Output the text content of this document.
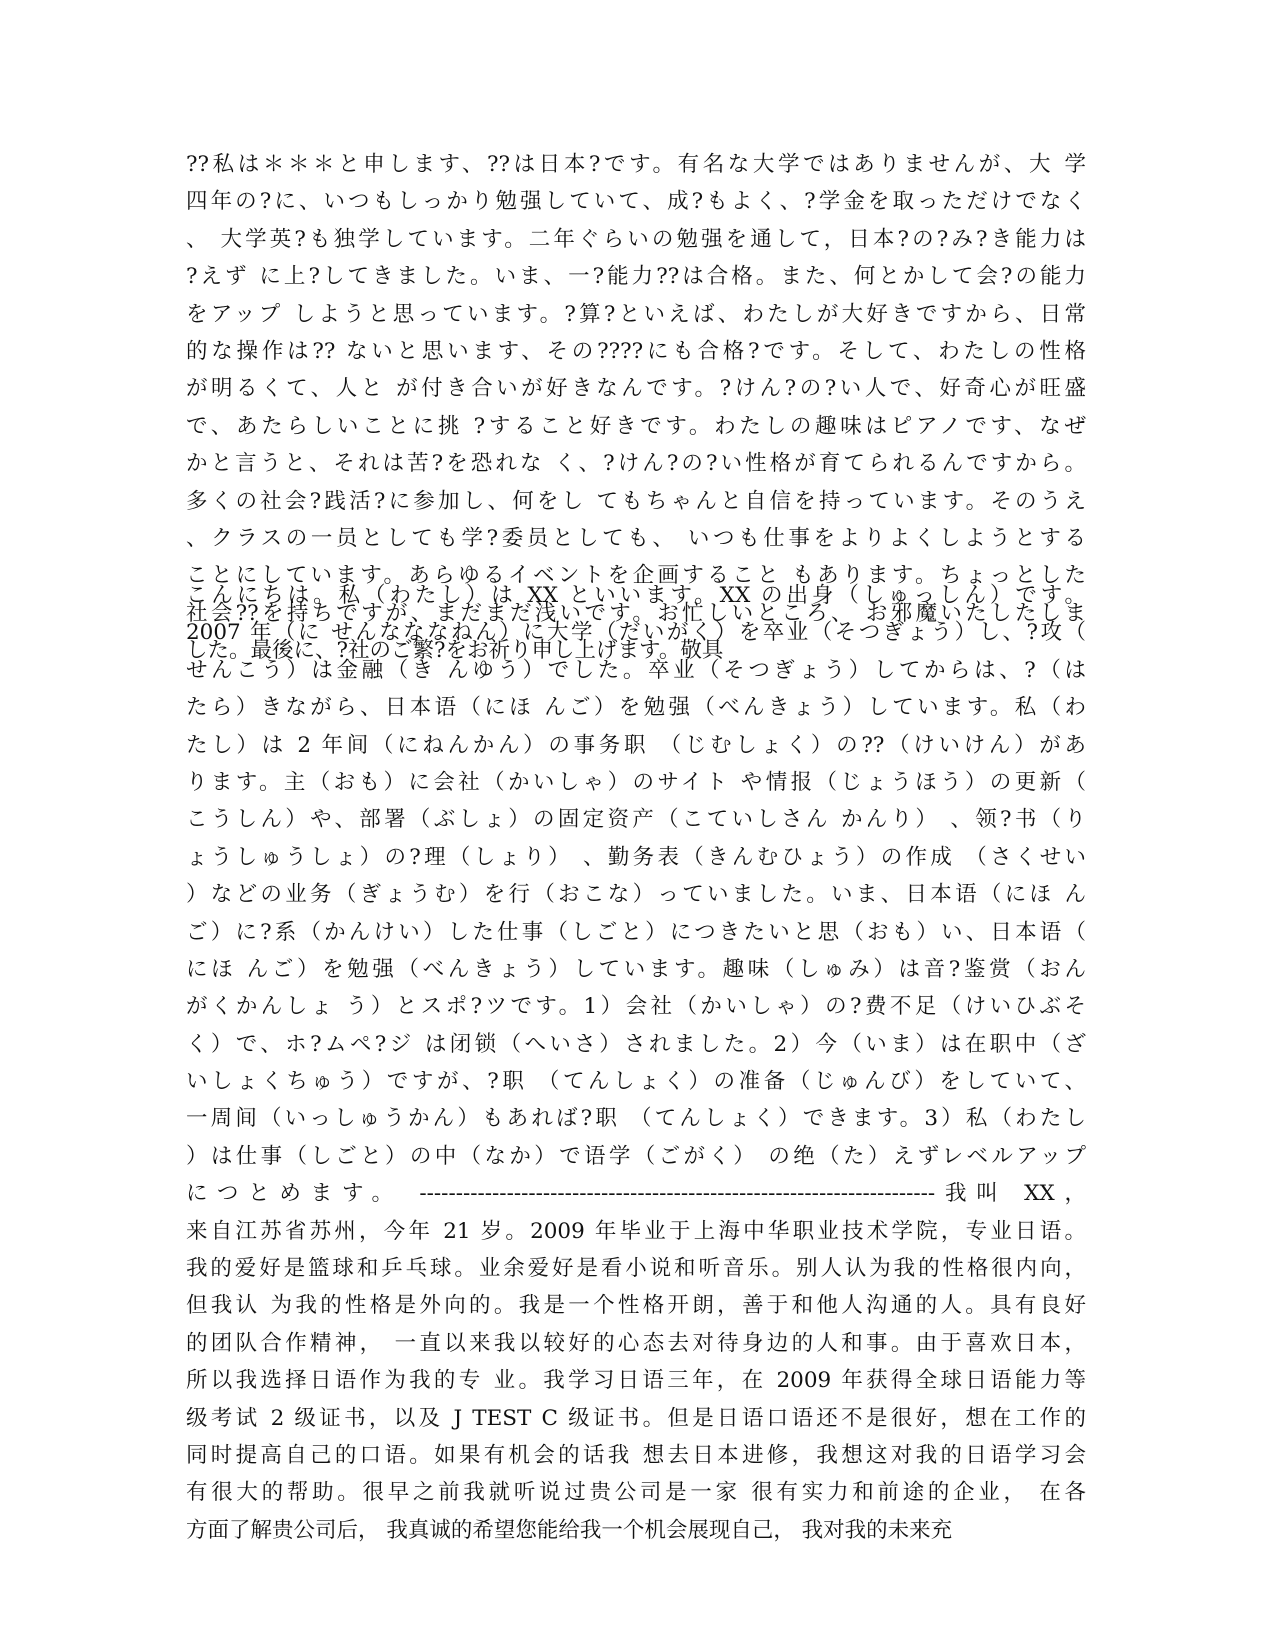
??私は＊＊＊と申します、??は日本?です。有名な大学ではありませんが、大 学
四年の?に、いつもしっかり勉强していて、成?もよく、?学金を取っただけでなく
、 大学英?も独学しています。二年ぐらいの勉强を通して，日本?の?み?き能力は
?えず に上?してきました。いま、一?能力??は合格。また、何とかして会?の能力
をアップ しようと思っています。?算?といえば、わたしが大好きですから、日常
的な操作は?? ないと思います、その????にも合格?です。そして、わたしの性格
が明るくて、人と が付き合いが好きなんです。?けん?の?い人で、好奇心が旺盛
で、あたらしいことに挑 ?すること好きです。わたしの趣味はピアノです、なぜ
かと言うと、それは苦?を恐れな く、?けん?の?い性格が育てられるんですから。
多くの社会?践活?に参加し、何をし てもちゃんと自信を持っています。そのうえ
、クラスの一员としても学?委员としても、 いつも仕事をよりよくしようとする
ことにしています。あらゆるイベントを企画すること もあります。ちょっとした
社会??を持ちですが、まだまだ浅いです。お忙しいところ、 お邪魔いたしたしま
した。最後に、?社のご繁?をお祈り申し上げます。敬具
こんにちは。私（わたし）は XX といいます。XX の出身（しゅっしん）です。
2007 年（に せんなななねん）に大学（だいがく）を卒业（そつぎょう）し、?攻（
せんこう）は金融（き んゆう）でした。卒业（そつぎょう）してからは、?（は
たら）きながら、日本语（にほ んご）を勉强（べんきょう）しています。私（わ
たし）は 2 年间（にねんかん）の事务职 （じむしょく）の??（けいけん）があ
ります。主（おも）に会社（かいしゃ）のサイト や情报（じょうほう）の更新（
こうしん）や、部署（ぶしょ）の固定资产（こていしさん かんり） 、领?书（り
ょうしゅうしょ）の?理（しょり） 、勤务表（きんむひょう）の作成 （さくせい
）などの业务（ぎょうむ）を行（おこな）っていました。いま、日本语（にほ ん
ご）に?系（かんけい）した仕事（しごと）につきたいと思（おも）い、日本语（
にほ んご）を勉强（べんきょう）しています。趣味（しゅみ）は音?鉴赏（おん
がくかんしょ う）とスポ?ツです。1）会社（かいしゃ）の?费不足（けいひぶそ
く）で、ホ?ムペ?ジ は闭锁（へいさ）されました。2）今（いま）は在职中（ざ
いしょくちゅう）ですが、?职 （てんしょく）の准备（じゅんび）をしていて、
一周间（いっしゅうかん）もあれば?职 （てんしょく）できます。3）私（わたし
）は仕事（しごと）の中（なか）で语学（ごがく） の绝（た）えずレベルアップ
につとめます。 -----------------------------------------------------------------------我叫 XX，
来自江苏省苏州，今年 21 岁。2009 年毕业于上海中华职业技术学院，专业日语。
我的爱好是篮球和乒乓球。业余爱好是看小说和听音乐。别人认为我的性格很内向，
但我认 为我的性格是外向的。我是一个性格开朗，善于和他人沟通的人。具有良好
的团队合作精神， 一直以来我以较好的心态去对待身边的人和事。由于喜欢日本，
所以我选择日语作为我的专 业。我学习日语三年，在 2009 年获得全球日语能力等
级考试 2 级证书，以及 J TEST C 级证书。但是日语口语还不是很好，想在工作的
同时提高自己的口语。如果有机会的话我 想去日本进修，我想这对我的日语学习会
有很大的帮助。很早之前我就听说过贵公司是一家 很有实力和前途的企业， 在各
方面了解贵公司后， 我真诚的希望您能给我一个机会展现自己， 我对我的未来充
